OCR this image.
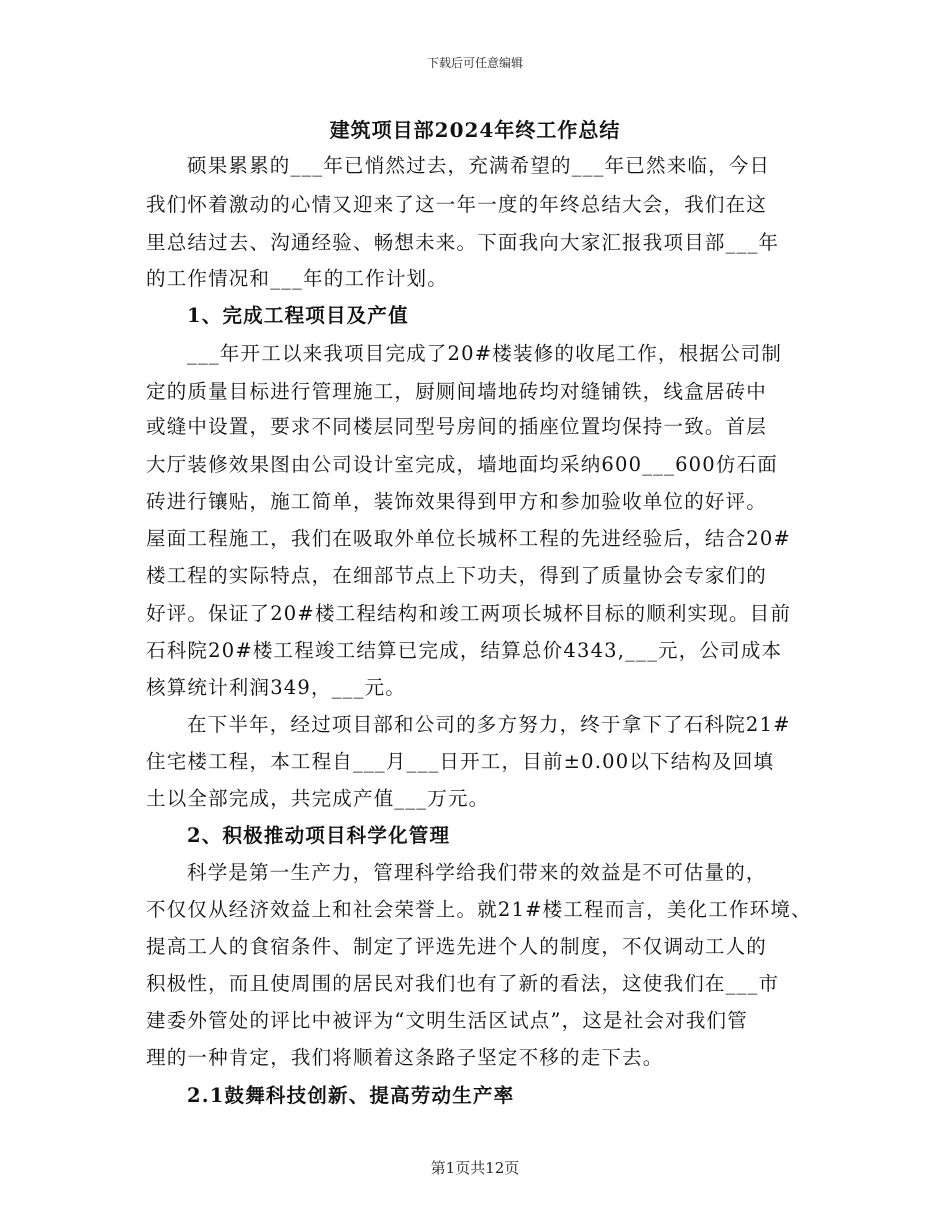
下载后可任意编辑
建筑项目部2024年终工作总结
硕果累累的___年已悄然过去，充满希望的___年已然来临，今日
我们怀着激动的心情又迎来了这一年一度的年终总结大会，我们在这
里总结过去、沟通经验、畅想未来。下面我向大家汇报我项目部___年
的工作情况和___年的工作计划。
1、完成工程项目及产值
___年开工以来我项目完成了20#楼装修的收尾工作，根据公司制
定的质量目标进行管理施工，厨厕间墙地砖均对缝铺铁，线盒居砖中
或缝中设置，要求不同楼层同型号房间的插座位置均保持一致。首层
大厅装修效果图由公司设计室完成，墙地面均采纳600___600仿石面
砖进行镶贴，施工简单，装饰效果得到甲方和参加验收单位的好评。
屋面工程施工，我们在吸取外单位长城杯工程的先进经验后，结合20#
楼工程的实际特点，在细部节点上下功夫，得到了质量协会专家们的
好评。保证了20#楼工程结构和竣工两项长城杯目标的顺利实现。目前
石科院20#楼工程竣工结算已完成，结算总价4343,___元，公司成本
核算统计利润349，___元。
在下半年，经过项目部和公司的多方努力，终于拿下了石科院21#
住宅楼工程，本工程自___月___日开工，目前±0.00以下结构及回填
土以全部完成，共完成产值___万元。
2、积极推动项目科学化管理
科学是第一生产力，管理科学给我们带来的效益是不可估量的，
不仅仅从经济效益上和社会荣誉上。就21#楼工程而言，美化工作环境、
提高工人的食宿条件、制定了评选先进个人的制度，不仅调动工人的
积极性，而且使周围的居民对我们也有了新的看法，这使我们在___市
建委外管处的评比中被评为“文明生活区试点”，这是社会对我们管
理的一种肯定，我们将顺着这条路子坚定不移的走下去。
2.1鼓舞科技创新、提高劳动生产率
第1页共12页
